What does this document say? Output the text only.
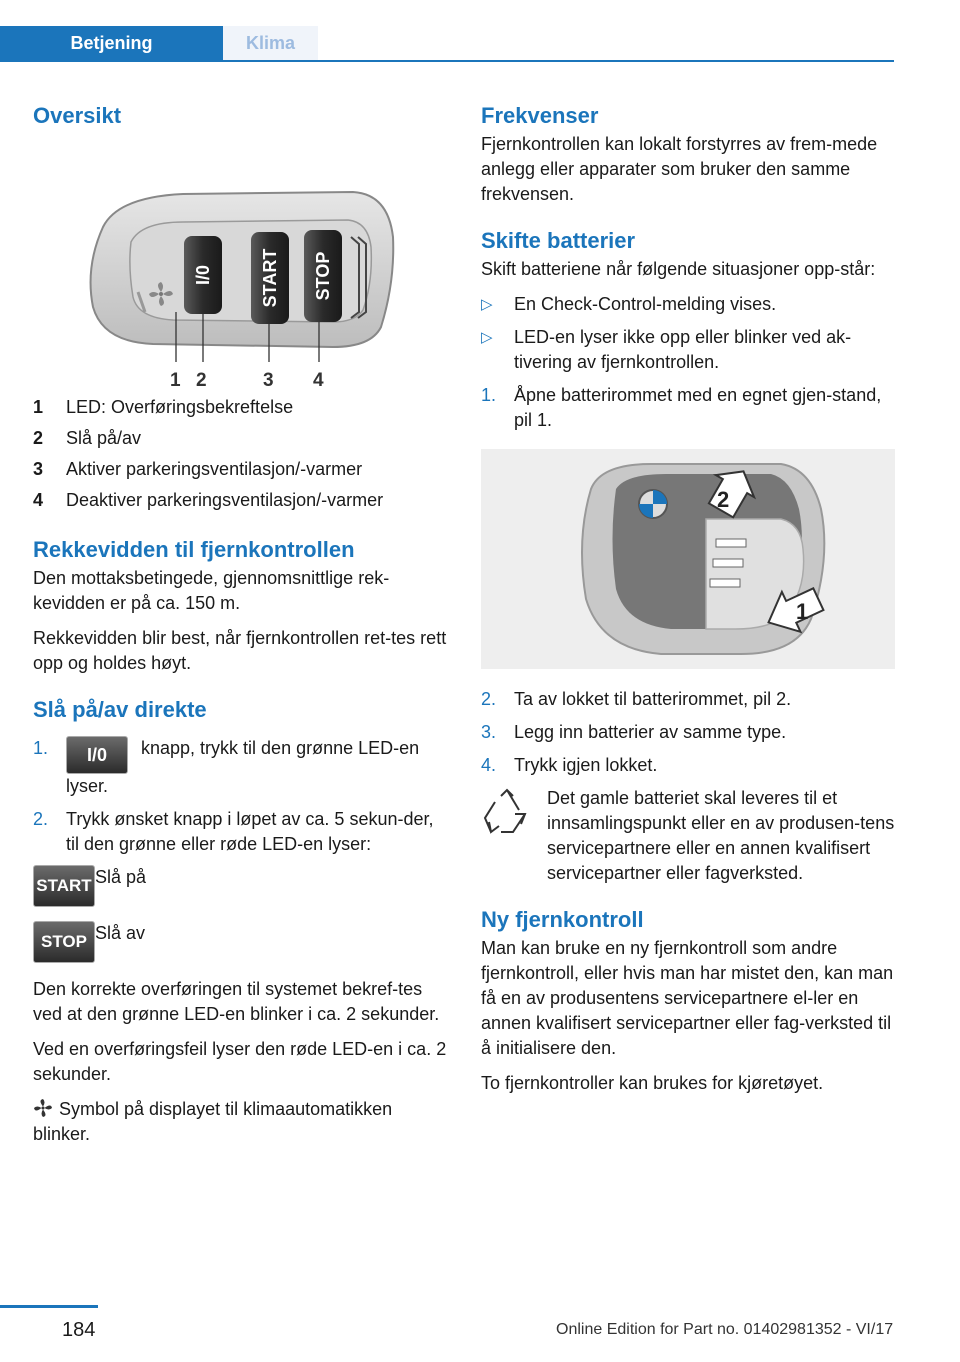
Betjening	Klima
Oversikt
I/0	START STOP
1 2	3 4
1	LED: Overføringsbekreftelse
2	Slå på/av
3	Aktiver parkeringsventilasjon/-varmer
4	Deaktiver parkeringsventilasjon/-varmer
Rekkevidden til fjernkontrollen

Den mottaksbetingede, gjennomsnittlige rek-kevidden er på ca. 150 m.

Rekkevidden blir best, når fjernkontrollen ret-tes rett opp og holdes høyt.

Slå på/av direkte
1.	I/0 knapp, trykk til den grønne LED-en lyser.
2. Trykk ønsket knapp i løpet av ca. 5 sekun-der, til den grønne eller røde LED-en lyser:
START Slå på
STOP Slå av

Den korrekte overføringen til systemet bekref-tes ved at den grønne LED-en blinker i ca. 2 sekunder.

Ved en overføringsfeil lyser den røde LED-en i ca. 2 sekunder.

Symbol på displayet til klimaautomatikken blinker.

Frekvenser

Fjernkontrollen kan lokalt forstyrres av frem-mede anlegg eller apparater som bruker den samme frekvensen.

Skifte batterier

Skift batteriene når følgende situasjoner opp-står:

▷	En Check-Control-melding vises.
▷	LED-en lyser ikke opp eller blinker ved ak-tivering av fjernkontrollen.
1. Åpne batterirommet med en egnet gjen-stand, pil 1.
2
1
2. Ta av lokket til batterirommet, pil 2.
3. Legg inn batterier av samme type.
4. Trykk igjen lokket.

Det gamle batteriet skal leveres til et innsamlingspunkt eller en av produsen-tens servicepartnere eller en annen kvalifisert servicepartner eller fagverksted.

Ny fjernkontroll

Man kan bruke en ny fjernkontroll som andre fjernkontroll, eller hvis man har mistet den, kan man få en av produsentens servicepartnere el-ler en annen kvalifisert servicepartner eller fag-verksted til å initialisere den.

To fjernkontroller kan brukes for kjøretøyet.

184	Online Edition for Part no. 01402981352 - VI/17
